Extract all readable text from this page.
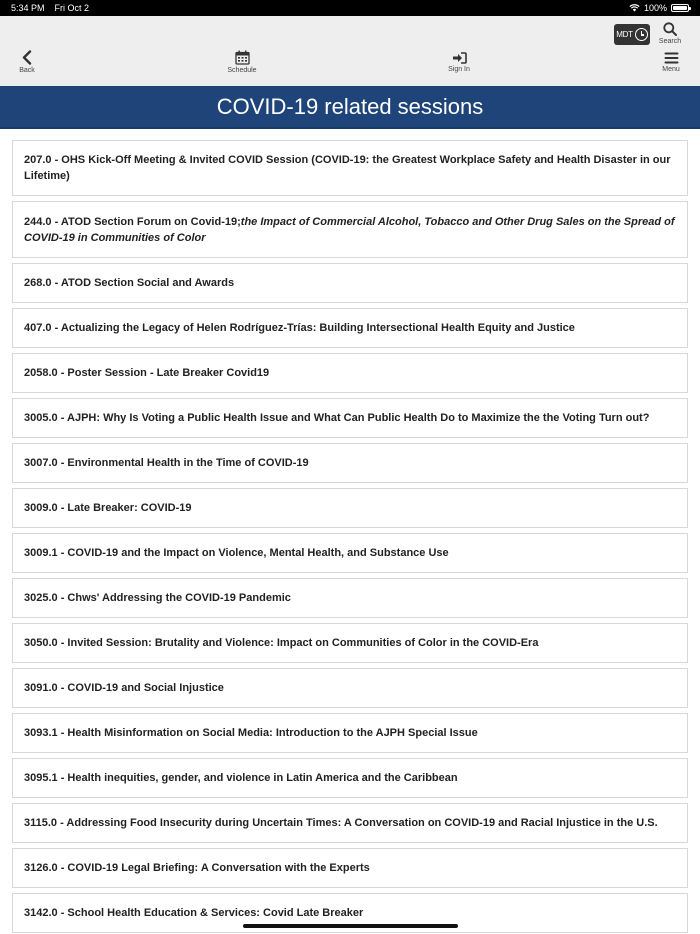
5:34 PM Fri Oct 2	100%
Back	Schedule	Sign In
MDT
Search
Menu
COVID-19 related sessions
207.0 - OHS Kick-Off Meeting & Invited COVID Session (COVID-19: the Greatest Workplace Safety and Health Disaster in our Lifetime)
244.0 - ATOD Section Forum on Covid-19;the Impact of Commercial Alcohol, Tobacco and Other Drug Sales on the Spread of COVID-19 in Communities of Color
268.0 - ATOD Section Social and Awards
407.0 - Actualizing the Legacy of Helen Rodríguez-Trías: Building Intersectional Health Equity and Justice
2058.0 - Poster Session - Late Breaker Covid19
3005.0 - AJPH: Why Is Voting a Public Health Issue and What Can Public Health Do to Maximize the the Voting Turn out?
3007.0 - Environmental Health in the Time of COVID-19
3009.0 - Late Breaker: COVID-19
3009.1 - COVID-19 and the Impact on Violence, Mental Health, and Substance Use
3025.0 - Chws' Addressing the COVID-19 Pandemic
3050.0 - Invited Session: Brutality and Violence: Impact on Communities of Color in the COVID-Era
3091.0 - COVID-19 and Social Injustice
3093.1 - Health Misinformation on Social Media: Introduction to the AJPH Special Issue
3095.1 - Health inequities, gender, and violence in Latin America and the Caribbean
3115.0 - Addressing Food Insecurity during Uncertain Times: A Conversation on COVID-19 and Racial Injustice in the U.S.
3126.0 - COVID-19 Legal Briefing: A Conversation with the Experts
3142.0 - School Health Education & Services: Covid Late Breaker
